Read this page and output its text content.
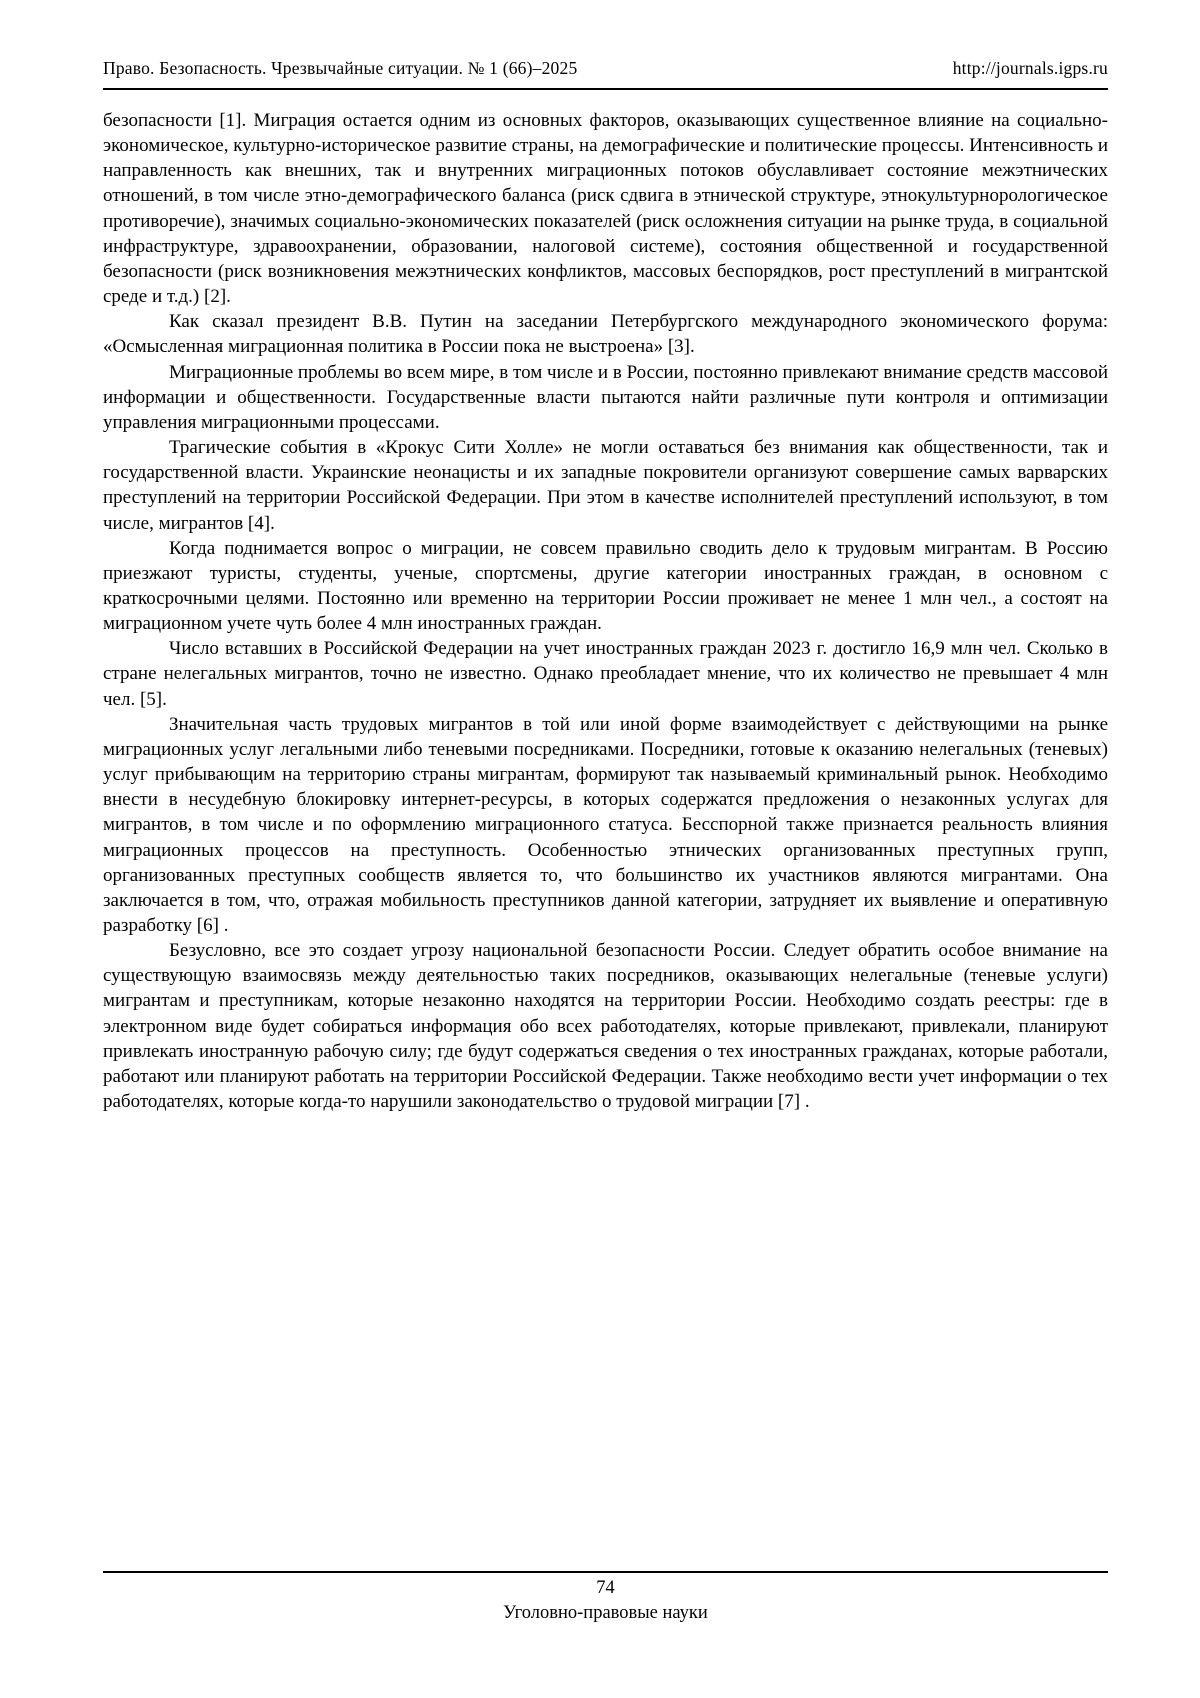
Право. Безопасность. Чрезвычайные ситуации. № 1 (66)–2025	http://journals.igps.ru

безопасности [1]. Миграция остается одним из основных факторов, оказывающих существенное влияние на социально-экономическое, культурно-историческое развитие страны, на демографические и политические процессы. Интенсивность и направленность как внешних, так и внутренних миграционных потоков обуславливает состояние межэтнических отношений, в том числе этно-демографического баланса (риск сдвига в этнической структуре, этнокультурнорологическое противоречие), значимых социально-экономических показателей (риск осложнения ситуации на рынке труда, в социальной инфраструктуре, здравоохранении, образовании, налоговой системе), состояния общественной и государственной безопасности (риск возникновения межэтнических конфликтов, массовых беспорядков, рост преступлений в мигрантской среде и т.д.) [2].

Как сказал президент В.В. Путин на заседании Петербургского международного экономического форума: «Осмысленная миграционная политика в России пока не выстроена» [3].

Миграционные проблемы во всем мире, в том числе и в России, постоянно привлекают внимание средств массовой информации и общественности. Государственные власти пытаются найти различные пути контроля и оптимизации управления миграционными процессами.

Трагические события в «Крокус Сити Холле» не могли оставаться без внимания как общественности, так и государственной власти. Украинские неонацисты и их западные покровители организуют совершение самых варварских преступлений на территории Российской Федерации. При этом в качестве исполнителей преступлений используют, в том числе, мигрантов [4].

Когда поднимается вопрос о миграции, не совсем правильно сводить дело к трудовым мигрантам. В Россию приезжают туристы, студенты, ученые, спортсмены, другие категории иностранных граждан, в основном с краткосрочными целями. Постоянно или временно на территории России проживает не менее 1 млн чел., а состоят на миграционном учете чуть более 4 млн иностранных граждан.

Число вставших в Российской Федерации на учет иностранных граждан 2023 г. достигло 16,9 млн чел. Сколько в стране нелегальных мигрантов, точно не известно. Однако преобладает мнение, что их количество не превышает 4 млн чел. [5].

Значительная часть трудовых мигрантов в той или иной форме взаимодействует с действующими на рынке миграционных услуг легальными либо теневыми посредниками. Посредники, готовые к оказанию нелегальных (теневых) услуг прибывающим на территорию страны мигрантам, формируют так называемый криминальный рынок. Необходимо внести в несудебную блокировку интернет-ресурсы, в которых содержатся предложения о незаконных услугах для мигрантов, в том числе и по оформлению миграционного статуса. Бесспорной также признается реальность влияния миграционных процессов на преступность. Особенностью этнических организованных преступных групп, организованных преступных сообществ является то, что большинство их участников являются мигрантами. Она заключается в том, что, отражая мобильность преступников данной категории, затрудняет их выявление и оперативную разработку [6] .

Безусловно, все это создает угрозу национальной безопасности России. Следует обратить особое внимание на существующую взаимосвязь между деятельностью таких посредников, оказывающих нелегальные (теневые услуги) мигрантам и преступникам, которые незаконно находятся на территории России. Необходимо создать реестры: где в электронном виде будет собираться информация обо всех работодателях, которые привлекают, привлекали, планируют привлекать иностранную рабочую силу; где будут содержаться сведения о тех иностранных гражданах, которые работали, работают или планируют работать на территории Российской Федерации. Также необходимо вести учет информации о тех работодателях, которые когда-то нарушили законодательство о трудовой миграции [7] .

74
Уголовно-правовые науки
